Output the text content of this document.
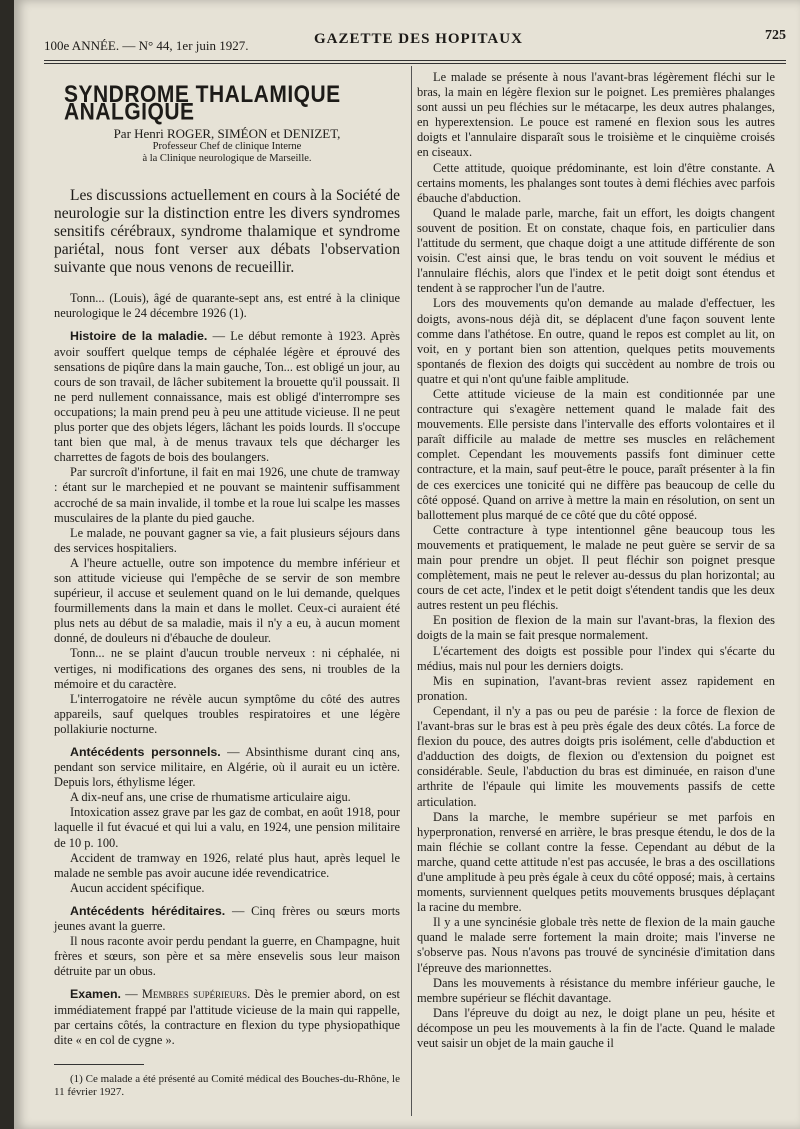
100e ANNÉE. — N° 44, 1er juin 1927.	GAZETTE DES HOPITAUX	725
SYNDROME THALAMIQUE ANALGIQUE

Par Henri ROGER, SIMÉON et DENIZET,

Professeur Chef de clinique Interne

à la Clinique neurologique de Marseille.

Les discussions actuellement en cours à la Société de neurologie sur la distinction entre les divers syndromes sensitifs cérébraux, syndrome thalamique et syndrome pariétal, nous font verser aux débats l'observation suivante que nous venons de recueillir.

Tonn... (Louis), âgé de quarante-sept ans, est entré à la clinique neurologique le 24 décembre 1926 (1).

Histoire de la maladie. — Le début remonte à 1923. Après avoir souffert quelque temps de céphalée légère et éprouvé des sensations de piqûre dans la main gauche, Ton... est obligé un jour, au cours de son travail, de lâcher subitement la brouette qu'il poussait. Il ne perd nullement connaissance, mais est obligé d'interrompre ses occupations; la main prend peu à peu une attitude vicieuse. Il ne peut plus porter que des objets légers, lâchant les poids lourds. Il s'occupe tant bien que mal, à de menus travaux tels que décharger les charrettes de fagots de bois des boulangers.

Par surcroît d'infortune, il fait en mai 1926, une chute de tramway : étant sur le marchepied et ne pouvant se maintenir suffisamment accroché de sa main invalide, il tombe et la roue lui scalpe les masses musculaires de la plante du pied gauche.

Le malade, ne pouvant gagner sa vie, a fait plusieurs séjours dans des services hospitaliers.

A l'heure actuelle, outre son impotence du membre inférieur et son attitude vicieuse qui l'empêche de se servir de son membre supérieur, il accuse et seulement quand on le lui demande, quelques fourmillements dans la main et dans le mollet. Ceux-ci auraient été plus nets au début de sa maladie, mais il n'y a eu, à aucun moment donné, de douleurs ni d'ébauche de douleur.

Tonn... ne se plaint d'aucun trouble nerveux : ni céphalée, ni vertiges, ni modifications des organes des sens, ni troubles de la mémoire et du caractère.

L'interrogatoire ne révèle aucun symptôme du côté des autres appareils, sauf quelques troubles respiratoires et une légère pollakiurie nocturne.

Antécédents personnels. — Absinthisme durant cinq ans, pendant son service militaire, en Algérie, où il aurait eu un ictère. Depuis lors, éthylisme léger.

A dix-neuf ans, une crise de rhumatisme articulaire aigu.

Intoxication assez grave par les gaz de combat, en août 1918, pour laquelle il fut évacué et qui lui a valu, en 1924, une pension militaire de 10 p. 100.

Accident de tramway en 1926, relaté plus haut, après lequel le malade ne semble pas avoir aucune idée revendicatrice.

Aucun accident spécifique.

Antécédents héréditaires. — Cinq frères ou sœurs morts jeunes avant la guerre.

Il nous raconte avoir perdu pendant la guerre, en Champagne, huit frères et sœurs, son père et sa mère ensevelis sous leur maison détruite par un obus.

Examen. — Membres supérieurs. Dès le premier abord, on est immédiatement frappé par l'attitude vicieuse de la main qui rappelle, par certains côtés, la contracture en flexion du type physiopathique dite « en col de cygne ».

(1) Ce malade a été présenté au Comité médical des Bouches-du-Rhône, le 11 février 1927.

Le malade se présente à nous l'avant-bras légèrement fléchi sur le bras, la main en légère flexion sur le poignet. Les premières phalanges sont aussi un peu fléchies sur le métacarpe, les deux autres phalanges, en hyperextension. Le pouce est ramené en flexion sous les autres doigts et l'annulaire disparaît sous le troisième et le cinquième croisés en ciseaux.

Cette attitude, quoique prédominante, est loin d'être constante. A certains moments, les phalanges sont toutes à demi fléchies avec parfois ébauche d'abduction.

Quand le malade parle, marche, fait un effort, les doigts changent souvent de position. Et on constate, chaque fois, en particulier dans l'attitude du serment, que chaque doigt a une attitude différente de son voisin. C'est ainsi que, le bras tendu on voit souvent le médius et l'annulaire fléchis, alors que l'index et le petit doigt sont étendus et tendent à se rapprocher l'un de l'autre.

Lors des mouvements qu'on demande au malade d'effectuer, les doigts, avons-nous déjà dit, se déplacent d'une façon souvent lente comme dans l'athétose. En outre, quand le repos est complet au lit, on voit, en y portant bien son attention, quelques petits mouvements spontanés de flexion des doigts qui succèdent au nombre de trois ou quatre et qui n'ont qu'une faible amplitude.

Cette attitude vicieuse de la main est conditionnée par une contracture qui s'exagère nettement quand le malade fait des mouvements. Elle persiste dans l'intervalle des efforts volontaires et il paraît difficile au malade de mettre ses muscles en relâchement complet. Cependant les mouvements passifs font diminuer cette contracture, et la main, sauf peut-être le pouce, paraît présenter à la fin de ces exercices une tonicité qui ne diffère pas beaucoup de celle du côté opposé. Quand on arrive à mettre la main en résolution, on sent un ballottement plus marqué de ce côté que du côté opposé.

Cette contracture à type intentionnel gêne beaucoup tous les mouvements et pratiquement, le malade ne peut guère se servir de sa main pour prendre un objet. Il peut fléchir son poignet presque complètement, mais ne peut le relever au-dessus du plan horizontal; au cours de cet acte, l'index et le petit doigt s'étendent tandis que les deux autres restent un peu fléchis.

En position de flexion de la main sur l'avant-bras, la flexion des doigts de la main se fait presque normalement.

L'écartement des doigts est possible pour l'index qui s'écarte du médius, mais nul pour les derniers doigts.

Mis en supination, l'avant-bras revient assez rapidement en pronation.

Cependant, il n'y a pas ou peu de parésie : la force de flexion de l'avant-bras sur le bras est à peu près égale des deux côtés. La force de flexion du pouce, des autres doigts pris isolément, celle d'abduction et d'adduction des doigts, de flexion ou d'extension du poignet est considérable. Seule, l'abduction du bras est diminuée, en raison d'une arthrite de l'épaule qui limite les mouvements passifs de cette articulation.

Dans la marche, le membre supérieur se met parfois en hyperpronation, renversé en arrière, le bras presque étendu, le dos de la main fléchie se collant contre la fesse. Cependant au début de la marche, quand cette attitude n'est pas accusée, le bras a des oscillations d'une amplitude à peu près égale à ceux du côté opposé; mais, à certains moments, surviennent quelques petits mouvements brusques déplaçant la racine du membre.

Il y a une syncinésie globale très nette de flexion de la main gauche quand le malade serre fortement la main droite; mais l'inverse ne s'observe pas. Nous n'avons pas trouvé de syncinésie d'imitation dans l'épreuve des marionnettes.

Dans les mouvements à résistance du membre inférieur gauche, le membre supérieur se fléchit davantage.

Dans l'épreuve du doigt au nez, le doigt plane un peu, hésite et décompose un peu les mouvements à la fin de l'acte. Quand le malade veut saisir un objet de la main gauche il
